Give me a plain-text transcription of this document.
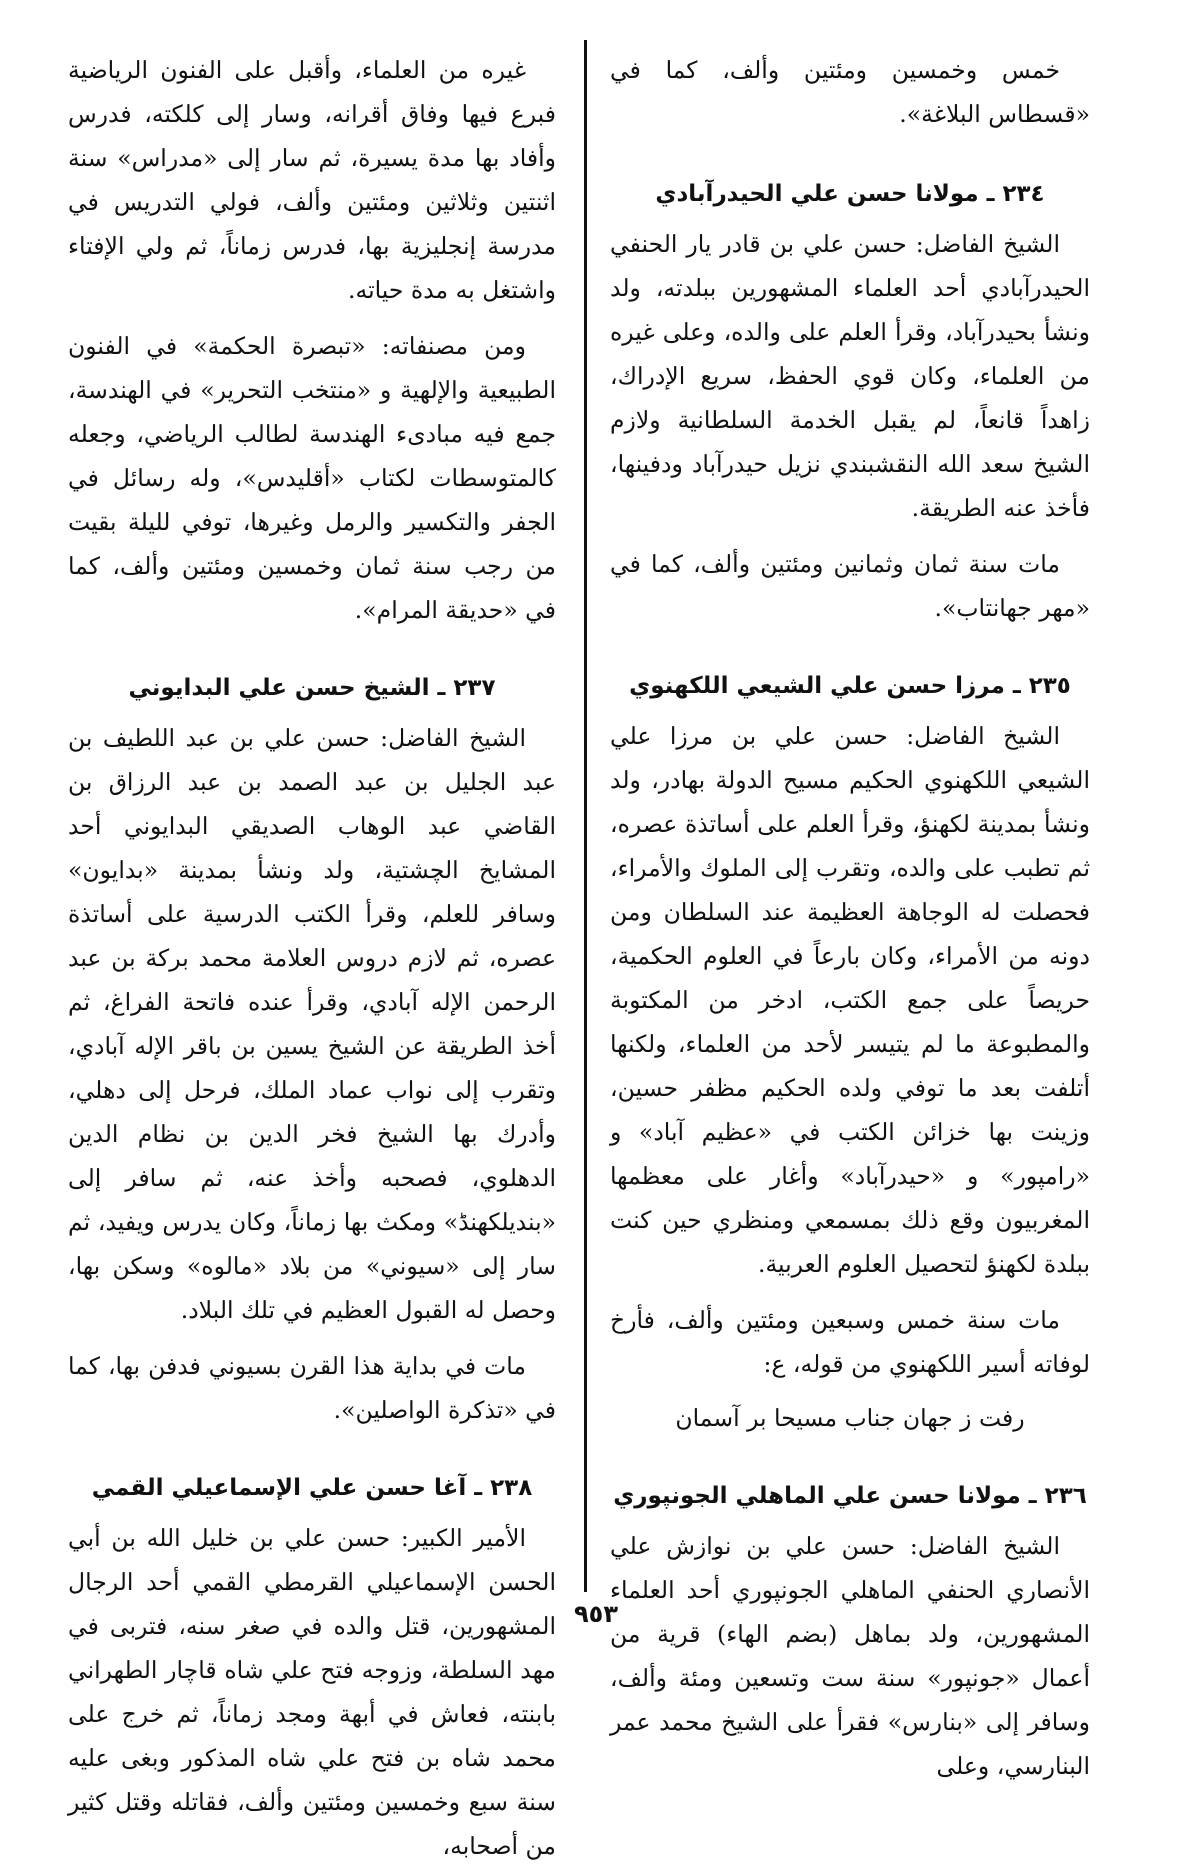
خمس وخمسين ومئتين وألف، كما في «قسطاس البلاغة».

٢٣٤ ـ مولانا حسن علي الحيدرآبادي

الشيخ الفاضل: حسن علي بن قادر يار الحنفي الحيدرآبادي أحد العلماء المشهورين ببلدته، ولد ونشأ بحيدرآباد، وقرأ العلم على والده، وعلى غيره من العلماء، وكان قوي الحفظ، سريع الإدراك، زاهداً قانعاً، لم يقبل الخدمة السلطانية ولازم الشيخ سعد الله النقشبندي نزيل حيدرآباد ودفينها، فأخذ عنه الطريقة.

مات سنة ثمان وثمانين ومئتين وألف، كما في «مهر جهانتاب».

٢٣٥ ـ مرزا حسن علي الشيعي اللكهنوي

الشيخ الفاضل: حسن علي بن مرزا علي الشيعي اللكهنوي الحكيم مسيح الدولة بهادر، ولد ونشأ بمدينة لكهنؤ، وقرأ العلم على أساتذة عصره، ثم تطبب على والده، وتقرب إلى الملوك والأمراء، فحصلت له الوجاهة العظيمة عند السلطان ومن دونه من الأمراء، وكان بارعاً في العلوم الحكمية، حريصاً على جمع الكتب، ادخر من المكتوبة والمطبوعة ما لم يتيسر لأحد من العلماء، ولكنها أتلفت بعد ما توفي ولده الحكيم مظفر حسين، وزينت بها خزائن الكتب في «عظيم آباد» و «رامپور» و «حيدرآباد» وأغار على معظمها المغربيون وقع ذلك بمسمعي ومنظري حين كنت ببلدة لكهنؤ لتحصيل العلوم العربية.

مات سنة خمس وسبعين ومئتين وألف، فأرخ لوفاته أسير اللكهنوي من قوله، ع:

رفت ز جهان جناب مسيحا بر آسمان
٢٣٦ ـ مولانا حسن علي الماهلي الجونپوري

الشيخ الفاضل: حسن علي بن نوازش علي الأنصاري الحنفي الماهلي الجونپوري أحد العلماء المشهورين، ولد بماهل (بضم الهاء) قرية من أعمال «جونپور» سنة ست وتسعين ومئة وألف، وسافر إلى «بنارس» فقرأ على الشيخ محمد عمر البنارسي، وعلى

غيره من العلماء، وأقبل على الفنون الرياضية فبرع فيها وفاق أقرانه، وسار إلى كلكته، فدرس وأفاد بها مدة يسيرة، ثم سار إلى «مدراس» سنة اثنتين وثلاثين ومئتين وألف، فولي التدريس في مدرسة إنجليزية بها، فدرس زماناً، ثم ولي الإفتاء واشتغل به مدة حياته.

ومن مصنفاته: «تبصرة الحكمة» في الفنون الطبيعية والإلهية و «منتخب التحرير» في الهندسة، جمع فيه مبادىء الهندسة لطالب الرياضي، وجعله كالمتوسطات لكتاب «أقليدس»، وله رسائل في الجفر والتكسير والرمل وغيرها، توفي لليلة بقيت من رجب سنة ثمان وخمسين ومئتين وألف، كما في «حديقة المرام».

٢٣٧ ـ الشيخ حسن علي البدايوني

الشيخ الفاضل: حسن علي بن عبد اللطيف بن عبد الجليل بن عبد الصمد بن عبد الرزاق بن القاضي عبد الوهاب الصديقي البدايوني أحد المشايخ الچشتية، ولد ونشأ بمدينة «بدايون» وسافر للعلم، وقرأ الكتب الدرسية على أساتذة عصره، ثم لازم دروس العلامة محمد بركة بن عبد الرحمن الإله آبادي، وقرأ عنده فاتحة الفراغ، ثم أخذ الطريقة عن الشيخ يسين بن باقر الإله آبادي، وتقرب إلى نواب عماد الملك، فرحل إلى دهلي، وأدرك بها الشيخ فخر الدين بن نظام الدين الدهلوي، فصحبه وأخذ عنه، ثم سافر إلى «بنديلكهنڈ» ومكث بها زماناً، وكان يدرس ويفيد، ثم سار إلى «سيوني» من بلاد «مالوه» وسكن بها، وحصل له القبول العظيم في تلك البلاد.

مات في بداية هذا القرن بسيوني فدفن بها، كما في «تذكرة الواصلين».

٢٣٨ ـ آغا حسن علي الإسماعيلي القمي

الأمير الكبير: حسن علي بن خليل الله بن أبي الحسن الإسماعيلي القرمطي القمي أحد الرجال المشهورين، قتل والده في صغر سنه، فتربى في مهد السلطة، وزوجه فتح علي شاه قاچار الطهراني بابنته، فعاش في أبهة ومجد زماناً، ثم خرج على محمد شاه بن فتح علي شاه المذكور وبغى عليه سنة سبع وخمسين ومئتين وألف، فقاتله وقتل كثير من أصحابه،

٩٥٣
